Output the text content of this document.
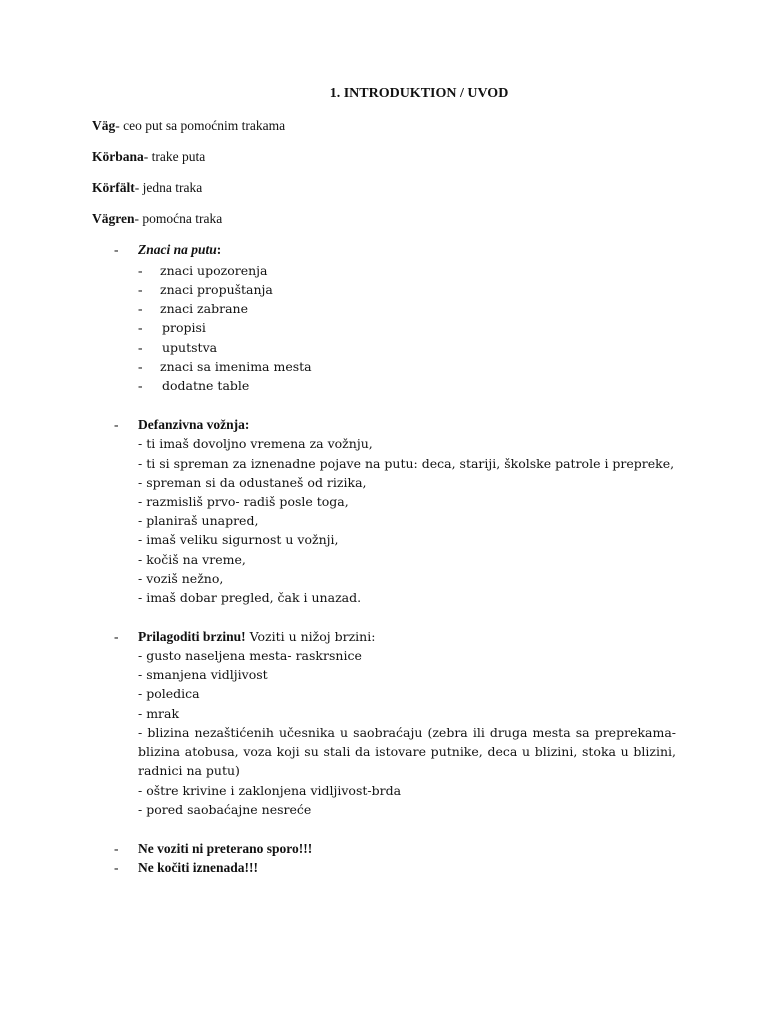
1. INTRODUKTION / UVOD
Väg- ceo put sa pomoćnim trakama
Körbana- trake puta
Körfält- jedna traka
Vägren- pomoćna traka
- Znaci na putu:
- znaci upozorenja
- znaci propuštanja
- znaci zabrane
- propisi
- uputstva
- znaci sa imenima mesta
- dodatne table
- Defanzivna vožnja:
- ti imaš dovoljno vremena za vožnju,
- ti si spreman za iznenadne pojave na putu: deca, stariji, školske patrole i prepreke,
- spreman si da odustaneš od rizika,
- razmisliš prvo- radiš posle toga,
- planiraš unapred,
- imaš veliku sigurnost u vožnji,
- kočiš na vreme,
- voziš nežno,
- imaš dobar pregled, čak i unazad.
- Prilagoditi brzinu! Voziti u nižoj brzini:
- gusto naseljena mesta- raskrsnice
- smanjena vidljivost
- poledica
- mrak
- blizina nezaštićenih učesnika u saobraćaju (zebra ili druga mesta sa preprekama-
blizina atobusa, voza koji su stali da istovare putnike, deca u blizini, stoka u blizini,
radnici na putu)
- oštre krivine i zaklonjena vidljivost-brda
- pored saobaćajne nesreće
- Ne voziti ni preterano sporo!!!
- Ne kočiti iznenada!!!
